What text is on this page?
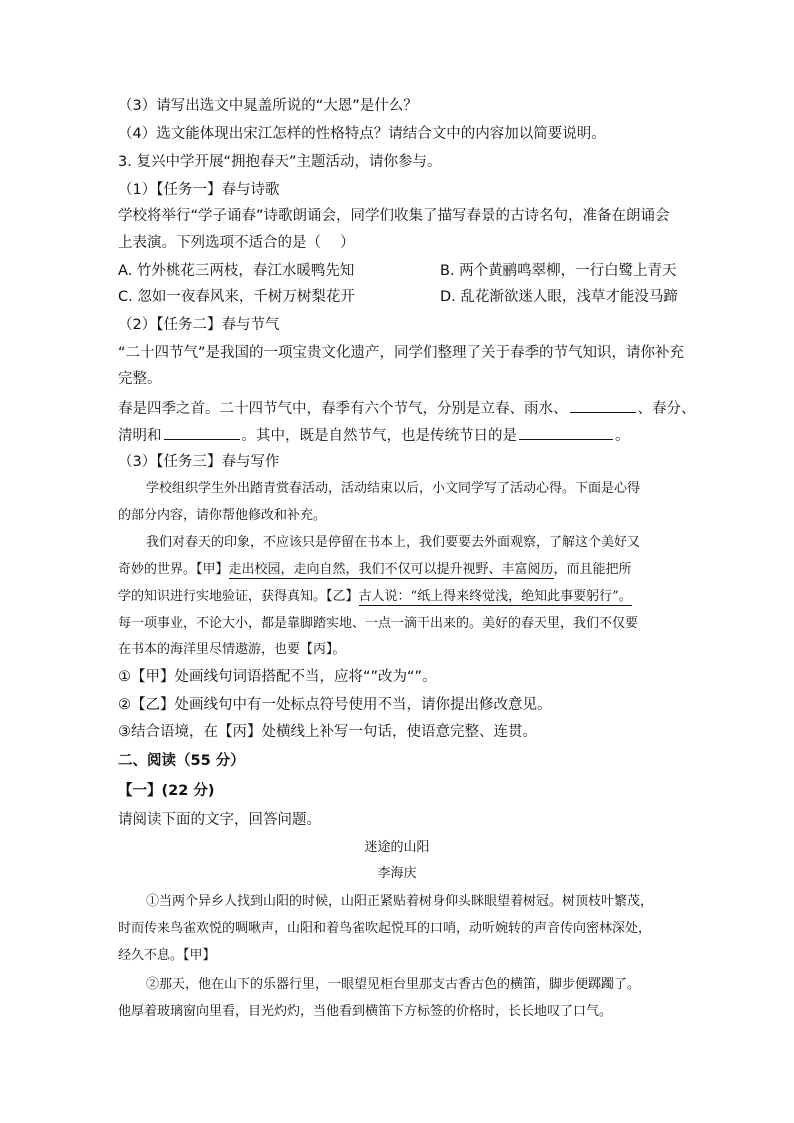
（3）请写出选文中晁盖所说的“大恩”是什么？
（4）选文能体现出宋江怎样的性格特点？请结合文中的内容加以简要说明。
3. 复兴中学开展“拥抱春天”主题活动，请你参与。
（1）【任务一】春与诗歌
学校将举行“学子诵春”诗歌朗诵会，同学们收集了描写春景的古诗名句，准备在朗诵会
上表演。下列选项不适合的是（　 ）
A. 竹外桃花三两枝，春江水暖鸭先知	B. 两个黄鹂鸣翠柳，一行白鹭上青天
C. 忽如一夜春风来，千树万树梨花开	D. 乱花渐欲迷人眼，浅草才能没马蹄
（2）【任务二】春与节气
“二十四节气”是我国的一项宝贵文化遗产，同学们整理了关于春季的节气知识，请你补充
完整。
春是四季之首。二十四节气中，春季有六个节气，分别是立春、雨水、	、春分、
清明和	。其中，既是自然节气，也是传统节日的是	。
（3）【任务三】春与写作
学校组织学生外出踏青赏春活动，活动结束以后，小文同学写了活动心得。下面是心得
的部分内容，请你帮他修改和补充。
我们对春天的印象，不应该只是停留在书本上，我们要要去外面观察，了解这个美好又
奇妙的世界。【甲】走出校园，走向自然，我们不仅可以提升视野、丰富阅历，而且能把所
学的知识进行实地验证，获得真知。【乙】古人说：“纸上得来终觉浅，绝知此事要躬行”。
每一项事业，不论大小，都是靠脚踏实地、一点一滴干出来的。美好的春天里，我们不仅要
在书本的海洋里尽情遨游，也要【丙】。
①【甲】处画线句词语搭配不当，应将“”改为“”。
②【乙】处画线句中有一处标点符号使用不当，请你提出修改意见。
③结合语境，在【丙】处横线上补写一句话，使语意完整、连贯。
二、阅读（55 分）
【一】(22 分)
请阅读下面的文字，回答问题。
迷途的山阳
李海庆
①当两个异乡人找到山阳的时候，山阳正紧贴着树身仰头眯眼望着树冠。树顶枝叶繁茂，
时而传来鸟雀欢悦的啁啾声，山阳和着鸟雀吹起悦耳的口哨，动听婉转的声音传向密林深处，
经久不息。【甲】
②那天，他在山下的乐器行里，一眼望见柜台里那支古香古色的横笛，脚步便踯躅了。
他厚着玻璃窗向里看，目光灼灼，当他看到横笛下方标签的价格时，长长地叹了口气。
